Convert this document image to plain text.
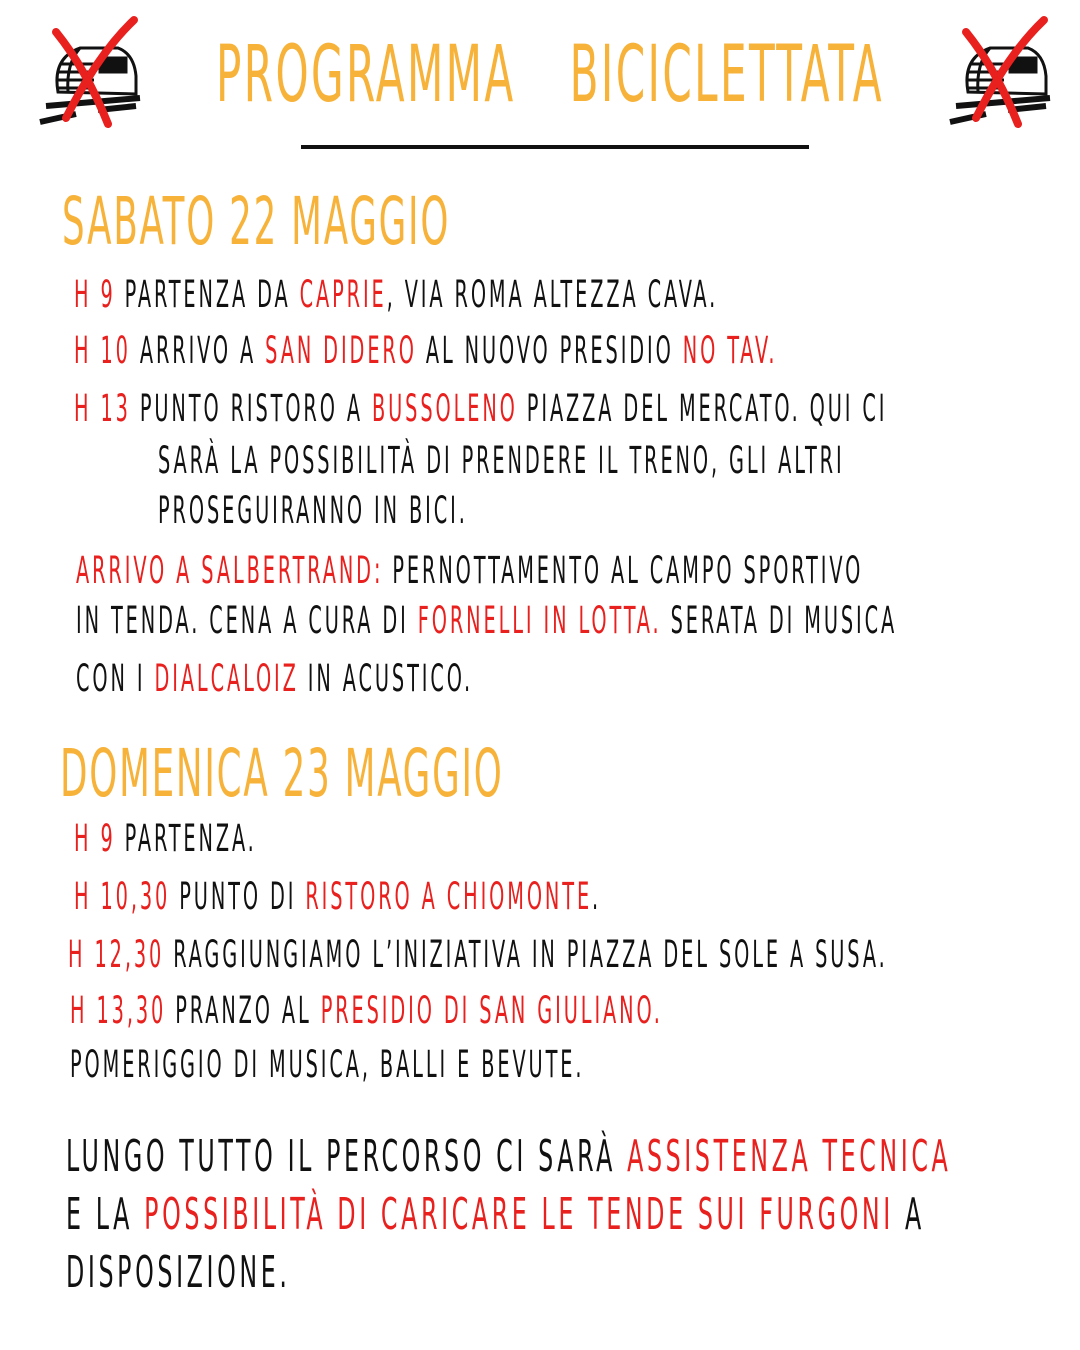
PROGRAMMA BICICLETTATA
SABATO 22 MAGGIO
H 9 PARTENZA DA CAPRIE, VIA ROMA ALTEZZA CAVA.
H 10 ARRIVO A SAN DIDERO AL NUOVO PRESIDIO NO TAV.
H 13 PUNTO RISTORO A BUSSOLENO PIAZZA DEL MERCATO. QUI CI
SARÀ LA POSSIBILITÀ DI PRENDERE IL TRENO, GLI ALTRI
PROSEGUIRANNO IN BICI.
ARRIVO A SALBERTRAND: PERNOTTAMENTO AL CAMPO SPORTIVO
IN TENDA. CENA A CURA DI FORNELLI IN LOTTA. SERATA DI MUSICA
CON I DIALCALOIZ IN ACUSTICO.
DOMENICA 23 MAGGIO
H 9 PARTENZA.
H 10,30 PUNTO DI RISTORO A CHIOMONTE.
H 12,30 RAGGIUNGIAMO L’INIZIATIVA IN PIAZZA DEL SOLE A SUSA.
H 13,30 PRANZO AL PRESIDIO DI SAN GIULIANO.
POMERIGGIO DI MUSICA, BALLI E BEVUTE.
LUNGO TUTTO IL PERCORSO CI SARÀ ASSISTENZA TECNICA
E LA POSSIBILITÀ DI CARICARE LE TENDE SUI FURGONI A
DISPOSIZIONE.
